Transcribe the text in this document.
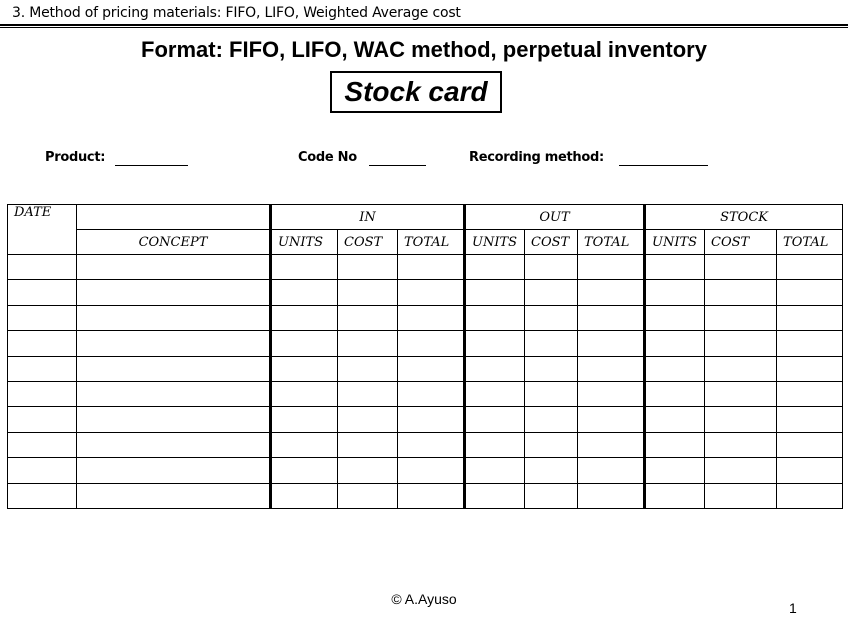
3. Method of pricing materials: FIFO, LIFO, Weighted Average cost
Format: FIFO, LIFO, WAC method, perpetual inventory
Stock card
Product:	Code No	Recording method:
DATE		IN			OUT			STOCK		
	CONCEPT	UNITS	COST	TOTAL	UNITS	COST	TOTAL	UNITS	COST	TOTAL

© A.Ayuso
1
